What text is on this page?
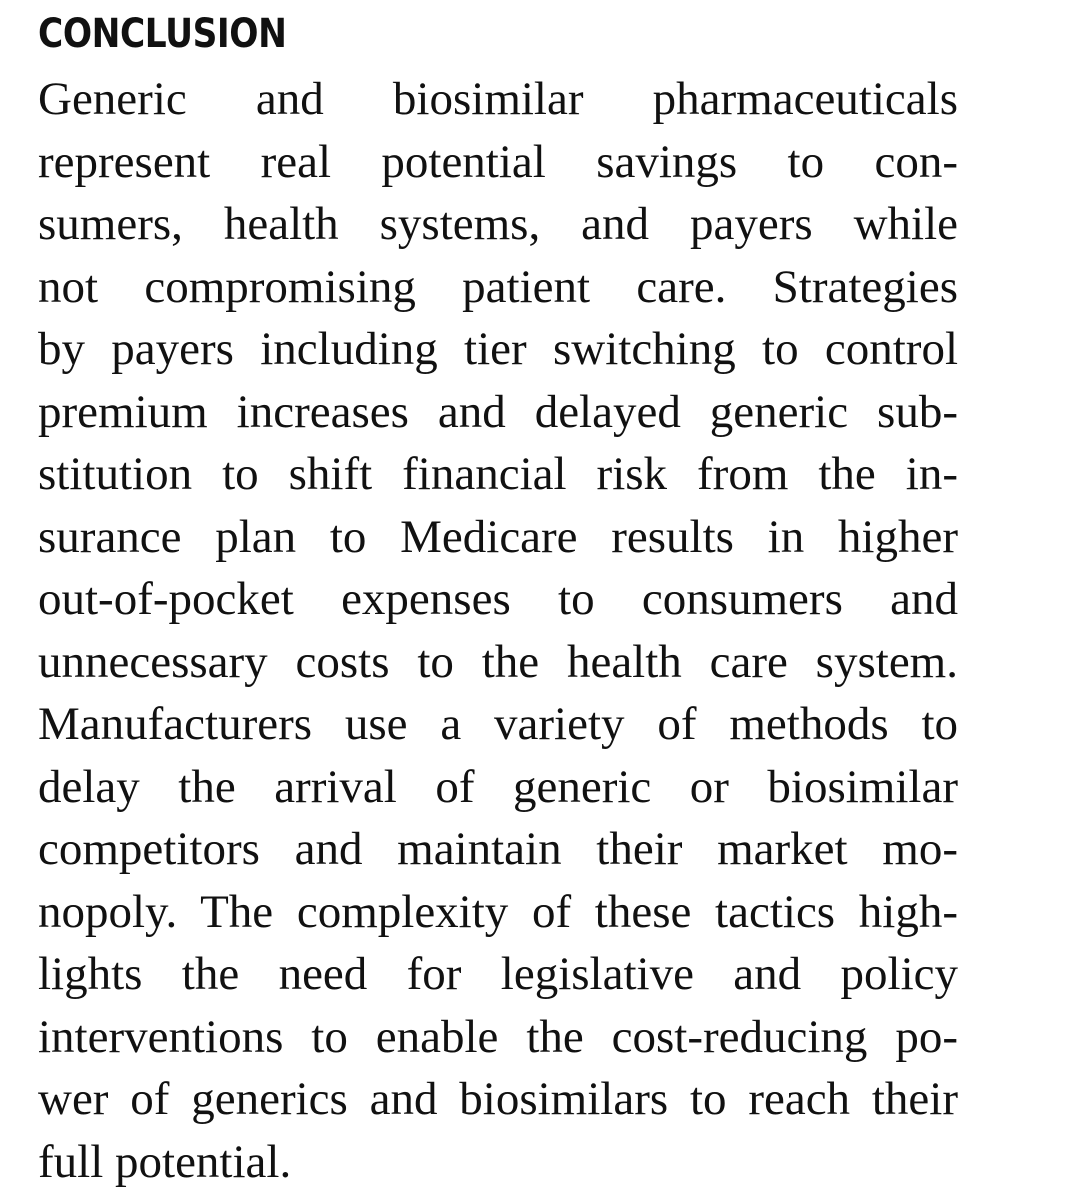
CONCLUSION
Generic and biosimilar pharmaceuticals
represent real potential savings to con-
sumers, health systems, and payers while
not compromising patient care. Strategies
by payers including tier switching to control
premium increases and delayed generic sub-
stitution to shift financial risk from the in-
surance plan to Medicare results in higher
out-of-pocket expenses to consumers and
unnecessary costs to the health care system.
Manufacturers use a variety of methods to
delay the arrival of generic or biosimilar
competitors and maintain their market mo-
nopoly. The complexity of these tactics high-
lights the need for legislative and policy
interventions to enable the cost-reducing po-
wer of generics and biosimilars to reach their
full potential.
